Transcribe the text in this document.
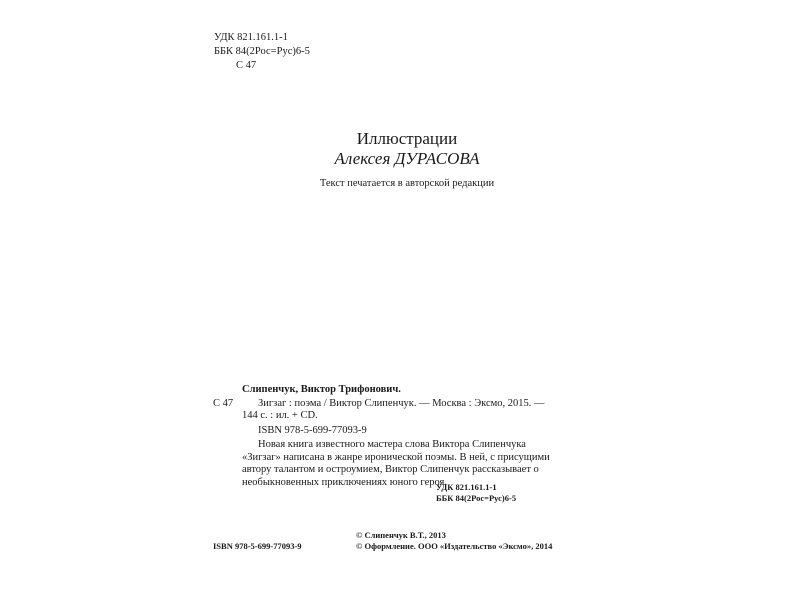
УДК 821.161.1-1
ББК 84(2Рос=Рус)6-5
С 47
Иллюстрации
Алексея ДУРАСОВА
Текст печатается в авторской редакции
Слипенчук, Виктор Трифонович.
С 47 Зигзаг : поэма / Виктор Слипенчук. — Москва : Эксмо, 2015. —
144 с. : ил. + CD.
ISBN 978-5-699-77093-9
Новая книга известного мастера слова Виктора Слипенчука
«Зигзаг» написана в жанре иронической поэмы. В ней, с присущими
автору талантом и остроумием, Виктор Слипенчук рассказывает о
необыкновенных приключениях юного героя.
УДК 821.161.1-1
ББК 84(2Рос=Рус)6-5
ISBN 978-5-699-77093-9
© Слипенчук В.Т., 2013
© Оформление. ООО «Издательство «Эксмо», 2014
